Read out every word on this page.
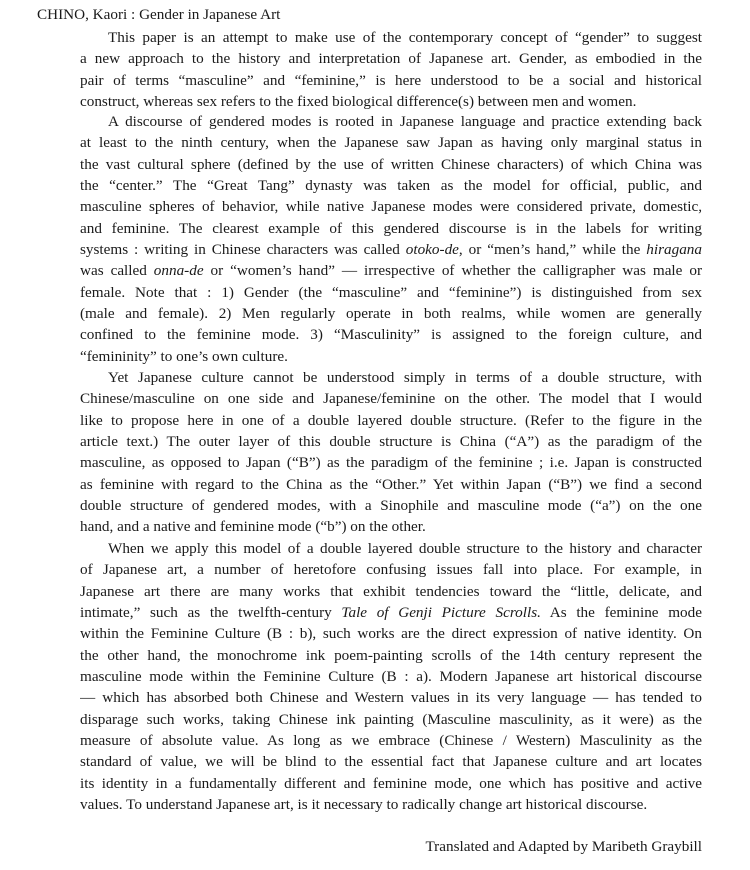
CHINO, Kaori : Gender in Japanese Art
This paper is an attempt to make use of the contemporary concept of “gender” to suggest
a new approach to the history and interpretation of Japanese art. Gender, as embodied in the
pair of terms “masculine” and “feminine,” is here understood to be a social and historical
construct, whereas sex refers to the fixed biological difference(s) between men and women.
A discourse of gendered modes is rooted in Japanese language and practice extending back
at least to the ninth century, when the Japanese saw Japan as having only marginal status in
the vast cultural sphere (defined by the use of written Chinese characters) of which China was
the “center.” The “Great Tang” dynasty was taken as the model for official, public, and
masculine spheres of behavior, while native Japanese modes were considered private, domestic,
and feminine. The clearest example of this gendered discourse is in the labels for writing
systems : writing in Chinese characters was called otoko-de, or “men’s hand,” while the hiragana
was called onna-de or “women’s hand” — irrespective of whether the calligrapher was male or
female. Note that : 1) Gender (the “masculine” and “feminine”) is distinguished from sex
(male and female). 2) Men regularly operate in both realms, while women are generally
confined to the feminine mode. 3) “Masculinity” is assigned to the foreign culture, and
“femininity” to one’s own culture.
Yet Japanese culture cannot be understood simply in terms of a double structure, with
Chinese/masculine on one side and Japanese/feminine on the other. The model that I would
like to propose here in one of a double layered double structure. (Refer to the figure in the
article text.) The outer layer of this double structure is China (“A”) as the paradigm of the
masculine, as opposed to Japan (“B”) as the paradigm of the feminine ; i.e. Japan is constructed
as feminine with regard to the China as the “Other.” Yet within Japan (“B”) we find a second
double structure of gendered modes, with a Sinophile and masculine mode (“a”) on the one
hand, and a native and feminine mode (“b”) on the other.
When we apply this model of a double layered double structure to the history and character
of Japanese art, a number of heretofore confusing issues fall into place. For example, in
Japanese art there are many works that exhibit tendencies toward the “little, delicate, and
intimate,” such as the twelfth-century Tale of Genji Picture Scrolls. As the feminine mode
within the Feminine Culture (B : b), such works are the direct expression of native identity. On
the other hand, the monochrome ink poem-painting scrolls of the 14th century represent the
masculine mode within the Feminine Culture (B : a). Modern Japanese art historical discourse
— which has absorbed both Chinese and Western values in its very language — has tended to
disparage such works, taking Chinese ink painting (Masculine masculinity, as it were) as the
measure of absolute value. As long as we embrace (Chinese / Western) Masculinity as the
standard of value, we will be blind to the essential fact that Japanese culture and art locates
its identity in a fundamentally different and feminine mode, one which has positive and active
values. To understand Japanese art, is it necessary to radically change art historical discourse.

Translated and Adapted by Maribeth Graybill
